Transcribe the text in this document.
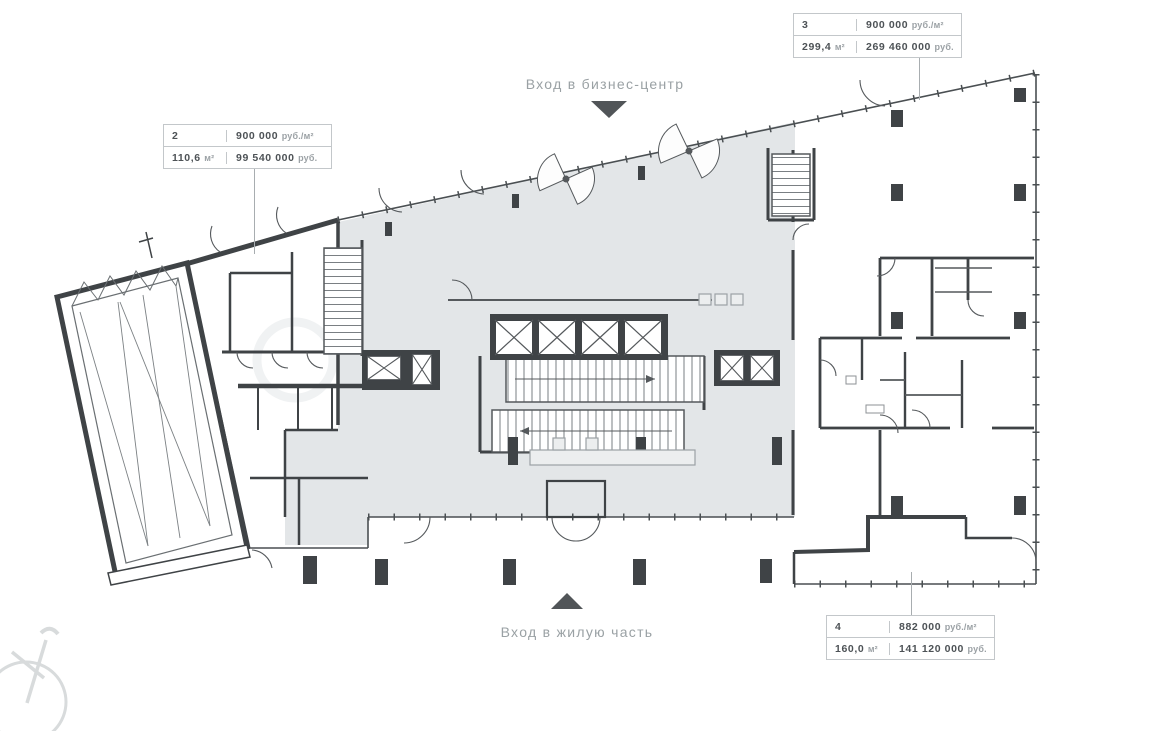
2	900 000 руб./м²
110,6 м²	99 540 000 руб.
3	900 000 руб./м²
299,4 м²	269 460 000 руб.
4	882 000 руб./м²
160,0 м²	141 120 000 руб.
Вход в бизнес-центр
Вход в жилую часть
